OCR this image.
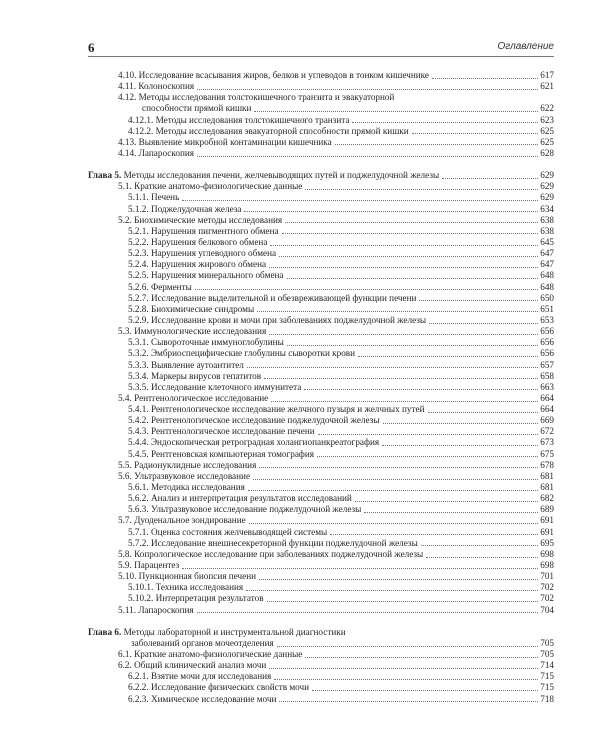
6	Оглавление
4.10. Исследование всасывания жиров, белков и углеводов в тонком кишечнике	617
4.11. Колоноскопия	621
4.12. Методы исследования толстокишечного транзита и эвакуаторной
способности прямой кишки	622
4.12.1. Методы исследования толстокишечного транзита	623
4.12.2. Методы исследования эвакуаторной способности прямой кишки	625
4.13. Выявление микробной контаминации кишечника	625
4.14. Лапароскопия	628
Глава 5. Методы исследования печени, желчевыводящих путей и поджелудочной железы	629
5.1. Краткие анатомо-физиологические данные	629
5.1.1. Печень	629
5.1.2. Поджелудочная железа	634
5.2. Биохимические методы исследования	638
5.2.1. Нарушения пигментного обмена	638
5.2.2. Нарушения белкового обмена	645
5.2.3. Нарушения углеводного обмена	647
5.2.4. Нарушения жирового обмена	647
5.2.5. Нарушения минерального обмена	648
5.2.6. Ферменты	648
5.2.7. Исследование выделительной и обезвреживающей функции печени	650
5.2.8. Биохимические синдромы	651
5.2.9. Исследование крови и мочи при заболеваниях поджелудочной железы	653
5.3. Иммунологические исследования	656
5.3.1. Сывороточные иммуноглобулины	656
5.3.2. Эмбриоспецифические глобулины сыворотки крови	656
5.3.3. Выявление аутоантител	657
5.3.4. Маркеры вирусов гепатитов	658
5.3.5. Исследование клеточного иммунитета	663
5.4. Рентгенологическое исследование	664
5.4.1. Рентгенологическое исследование желчного пузыря и желчных путей	664
5.4.2. Рентгенологическое исследование поджелудочной железы	669
5.4.3. Рентгенологическое исследование печени	672
5.4.4. Эндоскопическая ретроградная холангиопанкреатография	673
5.4.5. Рентгеновская компьютерная томография	675
5.5. Радионуклидные исследования	678
5.6. Ультразвуковое исследование	681
5.6.1. Методика исследования	681
5.6.2. Анализ и интерпретация результатов исследований	682
5.6.3. Ультразвуковое исследование поджелудочной железы	689
5.7. Дуоденальное зондирование	691
5.7.1. Оценка состояния желчевыводящей системы	691
5.7.2. Исследование внешнесекреторной функции поджелудочной железы	695
5.8. Копрологическое исследование при заболеваниях поджелудочной железы	698
5.9. Парацентез	698
5.10. Пункционная биопсия печени	701
5.10.1. Техника исследования	702
5.10.2. Интерпретация результатов	702
5.11. Лапароскопия	704
Глава 6. Методы лабораторной и инструментальной диагностики
заболеваний органов мочеотделения	705
6.1. Краткие анатомо-физиологические данные	705
6.2. Общий клинический анализ мочи	714
6.2.1. Взятие мочи для исследования	715
6.2.2. Исследование физических свойств мочи	715
6.2.3. Химическое исследование мочи	718
